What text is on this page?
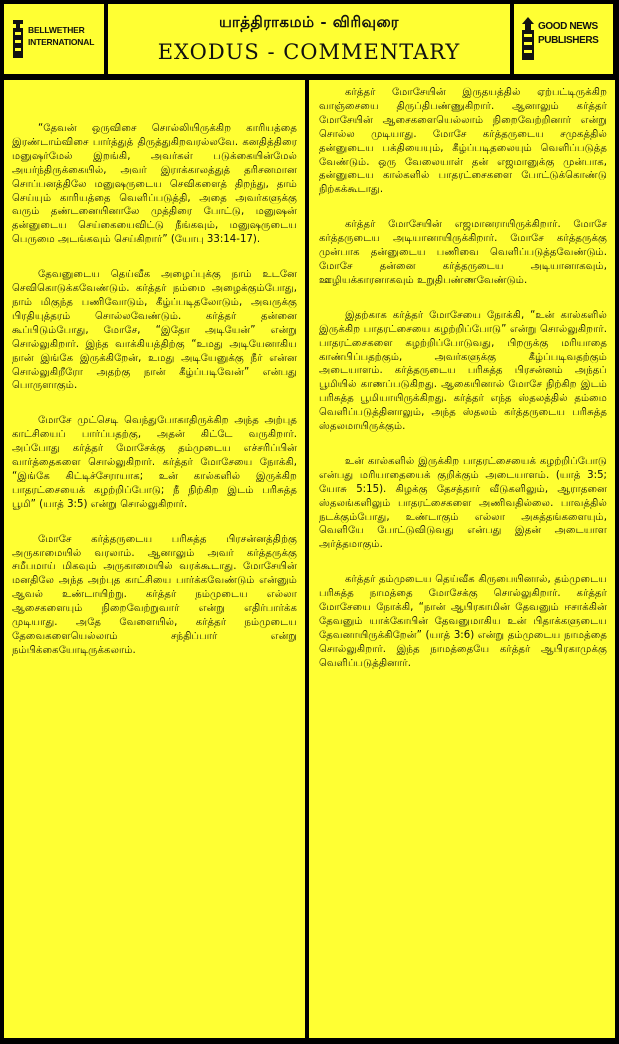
BELLWETHER
INTERNATIONAL
யாத்திராகமம் - விரிவுரை
EXODUS - COMMENTARY
GOOD NEWS
PUBLISHERS

“தேவன் ஒருவிசை சொல்லியிருக்கிற காரியத்தை இரண்டாம்விசை பார்த்துத் திருத்துகிறவரல்லவே. கனதித்திரை மனுஷர்மேல் இறங்கி, அவர்கள் படுக்கையின்மேல் அயர்ந்திருக்கையில், அவர் இராக்காலத்துத் தரிசனமான சொப்பனத்திலே மனுஷருடைய செவிகளைத் திறந்து, தாம் செய்யும் காரியத்தை வெளிப்படுத்தி, அதை அவர்களுக்கு வரும் தண்டனையினாலே முத்திரை போட்டு, மனுஷன் தன்னுடைய செய்கையைவிட்டு நீங்கவும், மனுஷருடைய பெருமை அடங்கவும் செய்கிறார்” (யோபு 33:14-17).

தேவனுடைய தெய்வீக அழைப்புக்கு நாம் உடனே செவிகொடுக்கவேண்டும். கர்த்தர் நம்மை அழைக்கும்போது, நாம் மிகுந்த பணிவோடும், கீழ்ப்படிதலோடும், அவருக்கு பிரதியுத்தரம் சொல்லவேண்டும். கர்த்தர் தன்னை கூப்பிடும்போது, மோசே, “இதோ அடியேன்” என்று சொல்லுகிறார். இந்த வாக்கியத்திற்கு “உமது அடியேனாகிய நான் இங்கே இருக்கிறேன், உமது அடியேனுக்கு நீர் என்ன சொல்லுகிறீரோ அதற்கு நான் கீழ்ப்படிவேன்” என்பது பொருளாகும்.

மோசே முட்செடி வெந்துபோகாதிருக்கிற அந்த அற்புத காட்சியைப் பார்ப்பதற்கு, அதன் கிட்டே வருகிறார். அப்போது கர்த்தர் மோசேக்கு தம்முடைய எச்சரிப்பின் வார்த்தைகளை சொல்லுகிறார். கர்த்தர் மோசேயை நோக்கி, “இங்கே கிட்டிச்சேராயாக; உன் கால்களில் இருக்கிற பாதரட்சையைக் கழற்றிப்போடு; நீ நிற்கிற இடம் பரிசுத்த பூமி” (யாத் 3:5) என்று சொல்லுகிறார்.

மோசே கர்த்தருடைய பரிசுத்த பிரசன்னத்திற்கு அருகாமையில் வரலாம். ஆனாலும் அவர் கர்த்தருக்கு சமீபமாய் மிகவும் அருகாமையில் வரக்கூடாது. மோசேயின் மனதிலே அந்த அற்புத காட்சியை பார்க்கவேண்டும் என்னும் ஆவல் உண்டாயிற்று. கர்த்தர் நம்முடைய எல்லா ஆசைகளையும் நிறைவேற்றுவார் என்று எதிர்பார்க்க முடியாது. அதே வேளையில், கர்த்தர் நம்முடைய தேவைகளையெல்லாம் சந்திப்பார் என்று நம்பிக்கையோடிருக்கலாம்.

கர்த்தர் மோசேயின் இருதயத்தில் ஏற்பட்டிருக்கிற வாஞ்சையை திருப்திபண்ணுகிறார். ஆனாலும் கர்த்தர் மோசேயின் ஆசைகளையெல்லாம் நிறைவேற்றினார் என்று சொல்ல முடியாது. மோசே கர்த்தருடைய சமுகத்தில் தன்னுடைய பக்தியையும், கீழ்ப்படிதலையும் வெளிப்படுத்த வேண்டும். ஒரு வேலையாள் தன் எஜமானுக்கு முன்பாக, தன்னுடைய கால்களில் பாதரட்சைகளை போட்டுக்கொண்டு நிற்கக்கூடாது.

கர்த்தர் மோசேயின் எஜமானராயிருக்கிறார். மோசே கர்த்தருடைய அடியானாயிருக்கிறார். மோசே கர்த்தருக்கு முன்பாக தன்னுடைய பணிவை வெளிப்படுத்தவேண்டும். மோசே தன்னை கர்த்தருடைய அடியானாகவும், ஊழியக்காரனாகவும் உறுதிபண்ணவேண்டும்.

இதற்காக கர்த்தர் மோசேயை நோக்கி, “உன் கால்களில் இருக்கிற பாதரட்சையை கழற்றிப்போடு” என்று சொல்லுகிறார். பாதரட்சைகளை கழற்றிப்போடுவது, பிறருக்கு மரியாதை காண்பிப்பதற்கும், அவர்களுக்கு கீழ்ப்படிவதற்கும் அடையாளம். கர்த்தருடைய பரிசுத்த பிரசன்னம் அந்தப் பூமியில் காணப்படுகிறது. ஆகையினால் மோசே நிற்கிற இடம் பரிசுத்த பூமியாயிருக்கிறது. கர்த்தர் எந்த ஸ்தலத்தில் தம்மை வெளிப்படுத்தினாலும், அந்த ஸ்தலம் கர்த்தருடைய பரிசுத்த ஸ்தலமாயிருக்கும்.

உன் கால்களில் இருக்கிற பாதரட்சையைக் கழற்றிப்போடு என்பது மரியாதையைக் குறிக்கும் அடையாளம். (யாத் 3:5; யோசு 5:15). கிழக்கு தேசத்தார் வீடுகளிலும், ஆராதனை ஸ்தலங்களிலும் பாதரட்சைகளை அணிவதில்லை. பாவத்தில் நடக்கும்போது, உண்டாகும் எல்லா அசுத்தங்களையும், வெளியே போட்டுவிடுவது என்பது இதன் அடையாள அர்த்தமாகும்.

கர்த்தர் தம்முடைய தெய்வீக கிருபையினால், தம்முடைய பரிசுத்த நாமத்தை மோசேக்கு சொல்லுகிறார். கர்த்தர் மோசேயை நோக்கி, “நான் ஆபிரகாமின் தேவனும் ஈசாக்கின் தேவனும் யாக்கோபின் தேவனுமாகிய உன் பிதாக்களுடைய தேவனாயிருக்கிறேன்” (யாத் 3:6) என்று தம்முடைய நாமத்தை சொல்லுகிறார். இந்த நாமத்தையே கர்த்தர் ஆபிரகாமுக்கு வெளிப்படுத்தினார்.
